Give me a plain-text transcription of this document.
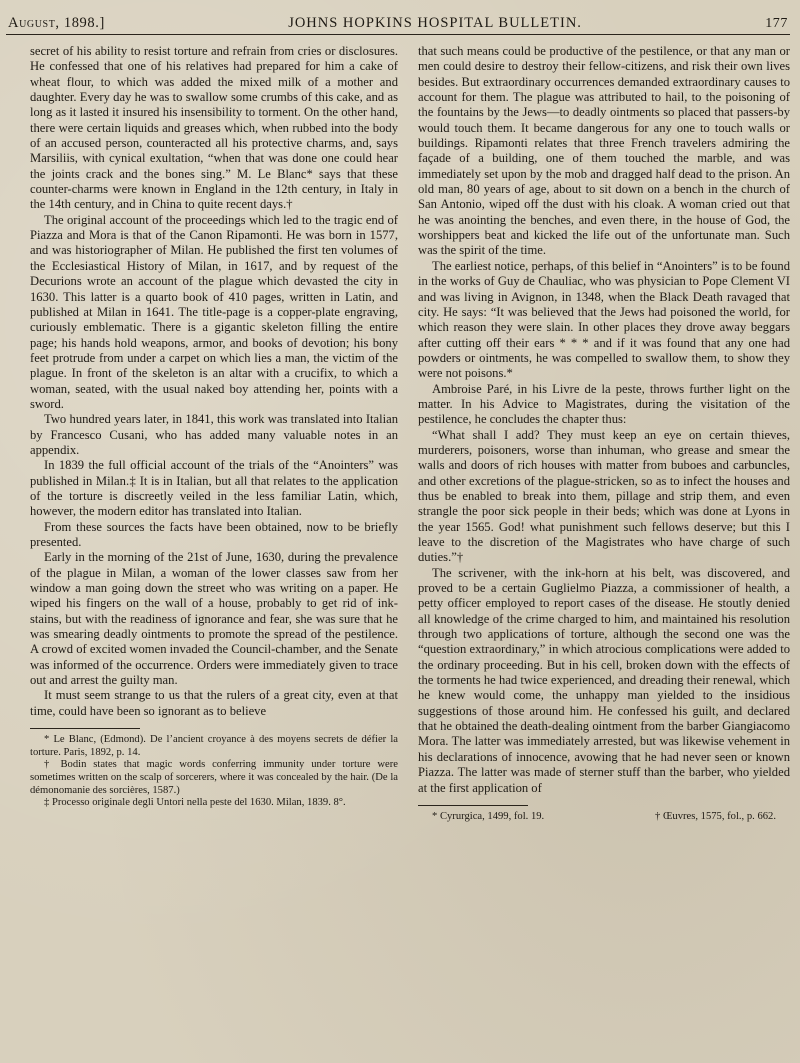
August, 1898.]	JOHNS HOPKINS HOSPITAL BULLETIN.	177

secret of his ability to resist torture and refrain from cries or disclosures. He confessed that one of his relatives had prepared for him a cake of wheat flour, to which was added the mixed milk of a mother and daughter. Every day he was to swallow some crumbs of this cake, and as long as it lasted it insured his insensibility to torment. On the other hand, there were certain liquids and greases which, when rubbed into the body of an accused person, counteracted all his protective charms, and, says Marsiliis, with cynical exultation, “when that was done one could hear the joints crack and the bones sing.” M. Le Blanc* says that these counter-charms were known in England in the 12th century, in Italy in the 14th century, and in China to quite recent days.†

The original account of the proceedings which led to the tragic end of Piazza and Mora is that of the Canon Ripamonti. He was born in 1577, and was historiographer of Milan. He published the first ten volumes of the Ecclesiastical History of Milan, in 1617, and by request of the Decurions wrote an account of the plague which devasted the city in 1630. This latter is a quarto book of 410 pages, written in Latin, and published at Milan in 1641. The title-page is a copper-plate engraving, curiously emblematic. There is a gigantic skeleton filling the entire page; his hands hold weapons, armor, and books of devotion; his bony feet protrude from under a carpet on which lies a man, the victim of the plague. In front of the skeleton is an altar with a crucifix, to which a woman, seated, with the usual naked boy attending her, points with a sword.

Two hundred years later, in 1841, this work was translated into Italian by Francesco Cusani, who has added many valuable notes in an appendix.

In 1839 the full official account of the trials of the “Anointers” was published in Milan.‡ It is in Italian, but all that relates to the application of the torture is discreetly veiled in the less familiar Latin, which, however, the modern editor has translated into Italian.

From these sources the facts have been obtained, now to be briefly presented.

Early in the morning of the 21st of June, 1630, during the prevalence of the plague in Milan, a woman of the lower classes saw from her window a man going down the street who was writing on a paper. He wiped his fingers on the wall of a house, probably to get rid of ink-stains, but with the readiness of ignorance and fear, she was sure that he was smearing deadly ointments to promote the spread of the pestilence. A crowd of excited women invaded the Council-chamber, and the Senate was informed of the occurrence. Orders were immediately given to trace out and arrest the guilty man.

It must seem strange to us that the rulers of a great city, even at that time, could have been so ignorant as to believe

* Le Blanc, (Edmond). De l’ancient croyance à des moyens secrets de défier la torture. Paris, 1892, p. 14.

† Bodin states that magic words conferring immunity under torture were sometimes written on the scalp of sorcerers, where it was concealed by the hair. (De la démonomanie des sorcières, 1587.)

‡ Processo originale degli Untori nella peste del 1630. Milan, 1839. 8°.

that such means could be productive of the pestilence, or that any man or men could desire to destroy their fellow-citizens, and risk their own lives besides. But extraordinary occurrences demanded extraordinary causes to account for them. The plague was attributed to hail, to the poisoning of the fountains by the Jews—to deadly ointments so placed that passers-by would touch them. It became dangerous for any one to touch walls or buildings. Ripamonti relates that three French travelers admiring the façade of a building, one of them touched the marble, and was immediately set upon by the mob and dragged half dead to the prison. An old man, 80 years of age, about to sit down on a bench in the church of San Antonio, wiped off the dust with his cloak. A woman cried out that he was anointing the benches, and even there, in the house of God, the worshippers beat and kicked the life out of the unfortunate man. Such was the spirit of the time.

The earliest notice, perhaps, of this belief in “Anointers” is to be found in the works of Guy de Chauliac, who was physician to Pope Clement VI and was living in Avignon, in 1348, when the Black Death ravaged that city. He says: “It was believed that the Jews had poisoned the world, for which reason they were slain. In other places they drove away beggars after cutting off their ears * * * and if it was found that any one had powders or ointments, he was compelled to swallow them, to show they were not poisons.*

Ambroise Paré, in his Livre de la peste, throws further light on the matter. In his Advice to Magistrates, during the visitation of the pestilence, he concludes the chapter thus:

“What shall I add? They must keep an eye on certain thieves, murderers, poisoners, worse than inhuman, who grease and smear the walls and doors of rich houses with matter from buboes and carbuncles, and other excretions of the plague-stricken, so as to infect the houses and thus be enabled to break into them, pillage and strip them, and even strangle the poor sick people in their beds; which was done at Lyons in the year 1565. God! what punishment such fellows deserve; but this I leave to the discretion of the Magistrates who have charge of such duties.”†

The scrivener, with the ink-horn at his belt, was discovered, and proved to be a certain Guglielmo Piazza, a commissioner of health, a petty officer employed to report cases of the disease. He stoutly denied all knowledge of the crime charged to him, and maintained his resolution through two applications of torture, although the second one was the “question extraordinary,” in which atrocious complications were added to the ordinary proceeding. But in his cell, broken down with the effects of the torments he had twice experienced, and dreading their renewal, which he knew would come, the unhappy man yielded to the insidious suggestions of those around him. He confessed his guilt, and declared that he obtained the death-dealing ointment from the barber Giangiacomo Mora. The latter was immediately arrested, but was likewise vehement in his declarations of innocence, avowing that he had never seen or known Piazza. The latter was made of sterner stuff than the barber, who yielded at the first application of

* Cyrurgica, 1499, fol. 19.	† Œuvres, 1575, fol., p. 662.
